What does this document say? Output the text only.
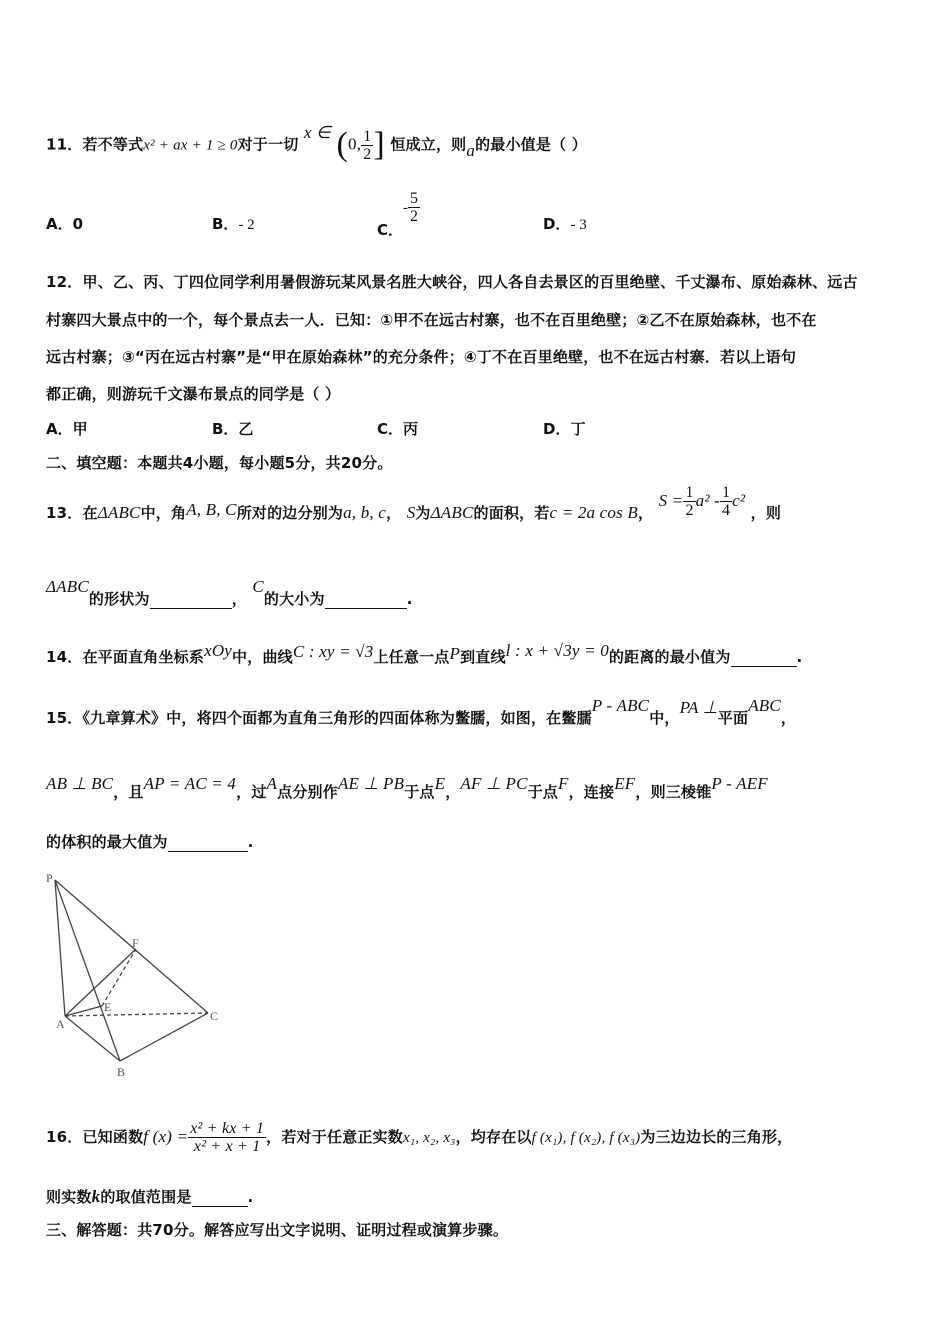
11．若不等式x² + ax + 1 ≥ 0对于一切 x ∈ (0, $\frac{1}{2}$ ] 恒成立，则a的最小值是（ ）
A．0	B．- 2	C．- $\frac{5}{2}$	D．- 3
12．甲、乙、丙、丁四位同学利用暑假游玩某风景名胜大峡谷，四人各自去景区的百里绝壁、千丈瀑布、原始森林、远古
村寨四大景点中的一个，每个景点去一人．已知：①甲不在远古村寨，也不在百里绝壁；②乙不在原始森林，也不在
远古村寨；③“丙在远古村寨”是“甲在原始森林”的充分条件；④丁不在百里绝壁，也不在远古村寨．若以上语句
都正确，则游玩千文瀑布景点的同学是（ ）
A．甲	B．乙	C．丙	D．丁
二、填空题：本题共4小题，每小题5分，共20分。
13．在ΔABC中，角A, B, C所对的边分别为a, b, c， S为ΔABC的面积，若c = 2a cos B， $S = \frac{1}{2} a^2 - \frac{1}{4} c^2$ ，则
ΔABC的形状为	， C的大小为	.
14．在平面直角坐标系xOy中，曲线C : xy = √3上任意一点P到直线l : x + √3y = 0的距离的最小值为	.
15．《九章算术》中，将四个面都为直角三角形的四面体称为鳖臑，如图，在鳖臑P - ABC中，PA ⊥平面ABC，
AB ⊥ BC，且AP = AC = 4，过A点分别作AE ⊥ PB于点E，AF ⊥ PC于点F，连接EF，则三棱锥P - AEF
的体积的最大值为	.
P
F
E
A
C
B
16．已知函数f $(x) = \frac{\text{x² + kx + 1}}{\text{x² + x + 1}}$ ，若对于任意正实数x₁, x₂, x₃，均存在以f (x₁), f (x₂), f (x₃)为三边边长的三角形，
则实数k的取值范围是	.
三、解答题：共70分。解答应写出文字说明、证明过程或演算步骤。
